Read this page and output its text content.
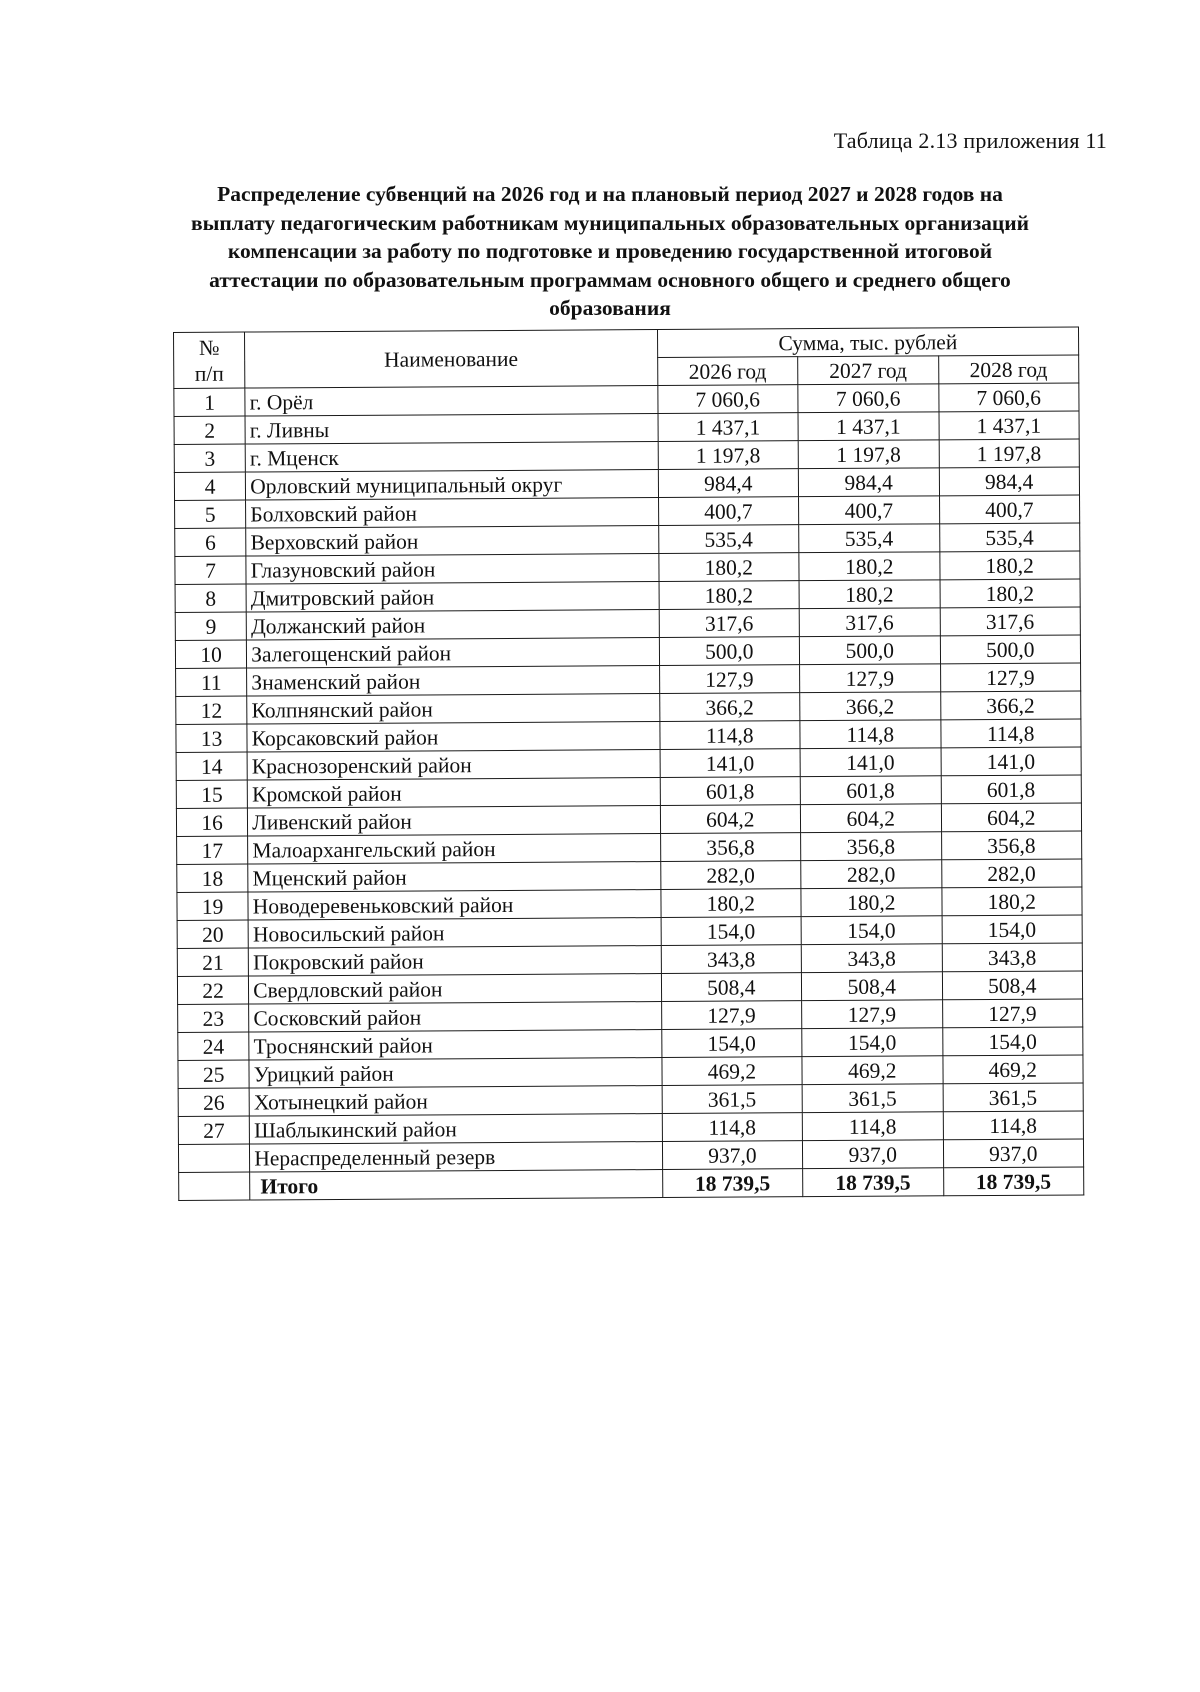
Таблица 2.13 приложения 11
Распределение субвенций на 2026 год и на плановый период 2027 и 2028 годов на
выплату педагогическим работникам муниципальных образовательных организаций
компенсации за работу по подготовке и проведению государственной итоговой
аттестации по образовательным программам основного общего и среднего общего
образования
№
п/п	Наименование	Сумма, тыс. рублей		
		2026 год	2027 год	2028 год
1	г. Орёл	7 060,6	7 060,6	7 060,6
2	г. Ливны	1 437,1	1 437,1	1 437,1
3	г. Мценск	1 197,8	1 197,8	1 197,8
4	Орловский муниципальный округ	984,4	984,4	984,4
5	Болховский район	400,7	400,7	400,7
6	Верховский район	535,4	535,4	535,4
7	Глазуновский район	180,2	180,2	180,2
8	Дмитровский район	180,2	180,2	180,2
9	Должанский район	317,6	317,6	317,6
10	Залегощенский район	500,0	500,0	500,0
11	Знаменский район	127,9	127,9	127,9
12	Колпнянский район	366,2	366,2	366,2
13	Корсаковский район	114,8	114,8	114,8
14	Краснозоренский район	141,0	141,0	141,0
15	Кромской район	601,8	601,8	601,8
16	Ливенский район	604,2	604,2	604,2
17	Малоархангельский район	356,8	356,8	356,8
18	Мценский район	282,0	282,0	282,0
19	Новодеревеньковский район	180,2	180,2	180,2
20	Новосильский район	154,0	154,0	154,0
21	Покровский район	343,8	343,8	343,8
22	Свердловский район	508,4	508,4	508,4
23	Сосковский район	127,9	127,9	127,9
24	Троснянский район	154,0	154,0	154,0
25	Урицкий район	469,2	469,2	469,2
26	Хотынецкий район	361,5	361,5	361,5
27	Шаблыкинский район	114,8	114,8	114,8
	Нераспределенный резерв	937,0	937,0	937,0
	Итого	18 739,5	18 739,5	18 739,5
